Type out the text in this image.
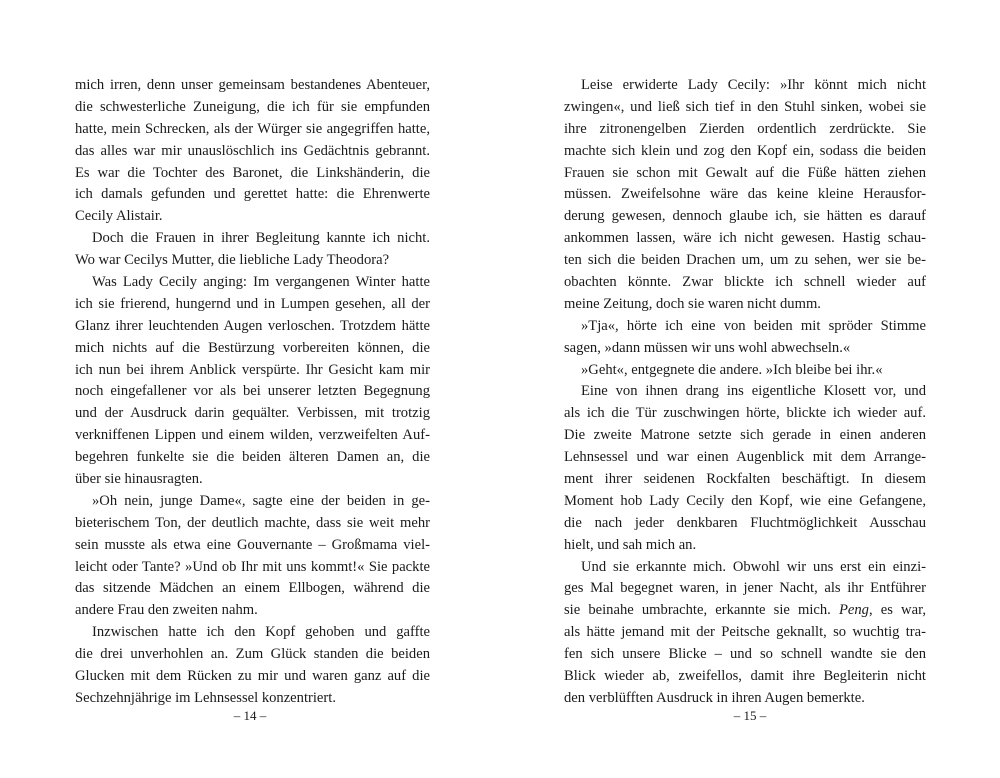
mich irren, denn unser gemeinsam bestandenes Abenteuer,
die schwesterliche Zuneigung, die ich für sie empfunden
hatte, mein Schrecken, als der Würger sie angegriffen hatte,
das alles war mir unauslöschlich ins Gedächtnis gebrannt.
Es war die Tochter des Baronet, die Linkshänderin, die
ich damals gefunden und gerettet hatte: die Ehrenwerte
Cecily Alistair.
Doch die Frauen in ihrer Begleitung kannte ich nicht.
Wo war Cecilys Mutter, die liebliche Lady Theodora?
Was Lady Cecily anging: Im vergangenen Winter hatte
ich sie frierend, hungernd und in Lumpen gesehen, all der
Glanz ihrer leuchtenden Augen verloschen. Trotzdem hätte
mich nichts auf die Bestürzung vorbereiten können, die
ich nun bei ihrem Anblick verspürte. Ihr Gesicht kam mir
noch eingefallener vor als bei unserer letzten Begegnung
und der Ausdruck darin gequälter. Verbissen, mit trotzig
verkniffenen Lippen und einem wilden, verzweifelten Auf-
begehren funkelte sie die beiden älteren Damen an, die
über sie hinausragten.
»Oh nein, junge Dame«, sagte eine der beiden in ge-
bieterischem Ton, der deutlich machte, dass sie weit mehr
sein musste als etwa eine Gouvernante – Großmama viel-
leicht oder Tante? »Und ob Ihr mit uns kommt!« Sie packte
das sitzende Mädchen an einem Ellbogen, während die
andere Frau den zweiten nahm.
Inzwischen hatte ich den Kopf gehoben und gaffte
die drei unverhohlen an. Zum Glück standen die beiden
Glucken mit dem Rücken zu mir und waren ganz auf die
Sechzehnjährige im Lehnsessel konzentriert.
Leise erwiderte Lady Cecily: »Ihr könnt mich nicht
zwingen«, und ließ sich tief in den Stuhl sinken, wobei sie
ihre zitronengelben Zierden ordentlich zerdrückte. Sie
machte sich klein und zog den Kopf ein, sodass die beiden
Frauen sie schon mit Gewalt auf die Füße hätten ziehen
müssen. Zweifelsohne wäre das keine kleine Herausfor-
derung gewesen, dennoch glaube ich, sie hätten es darauf
ankommen lassen, wäre ich nicht gewesen. Hastig schau-
ten sich die beiden Drachen um, um zu sehen, wer sie be-
obachten könnte. Zwar blickte ich schnell wieder auf
meine Zeitung, doch sie waren nicht dumm.
»Tja«, hörte ich eine von beiden mit spröder Stimme
sagen, »dann müssen wir uns wohl abwechseln.«
»Geht«, entgegnete die andere. »Ich bleibe bei ihr.«
Eine von ihnen drang ins eigentliche Klosett vor, und
als ich die Tür zuschwingen hörte, blickte ich wieder auf.
Die zweite Matrone setzte sich gerade in einen anderen
Lehnsessel und war einen Augenblick mit dem Arrange-
ment ihrer seidenen Rockfalten beschäftigt. In diesem
Moment hob Lady Cecily den Kopf, wie eine Gefangene,
die nach jeder denkbaren Fluchtmöglichkeit Ausschau
hielt, und sah mich an.
Und sie erkannte mich. Obwohl wir uns erst ein einzi-
ges Mal begegnet waren, in jener Nacht, als ihr Entführer
sie beinahe umbrachte, erkannte sie mich. Peng, es war,
als hätte jemand mit der Peitsche geknallt, so wuchtig tra-
fen sich unsere Blicke – und so schnell wandte sie den
Blick wieder ab, zweifellos, damit ihre Begleiterin nicht
den verblüfften Ausdruck in ihren Augen bemerkte.
– 14 –	– 15 –
